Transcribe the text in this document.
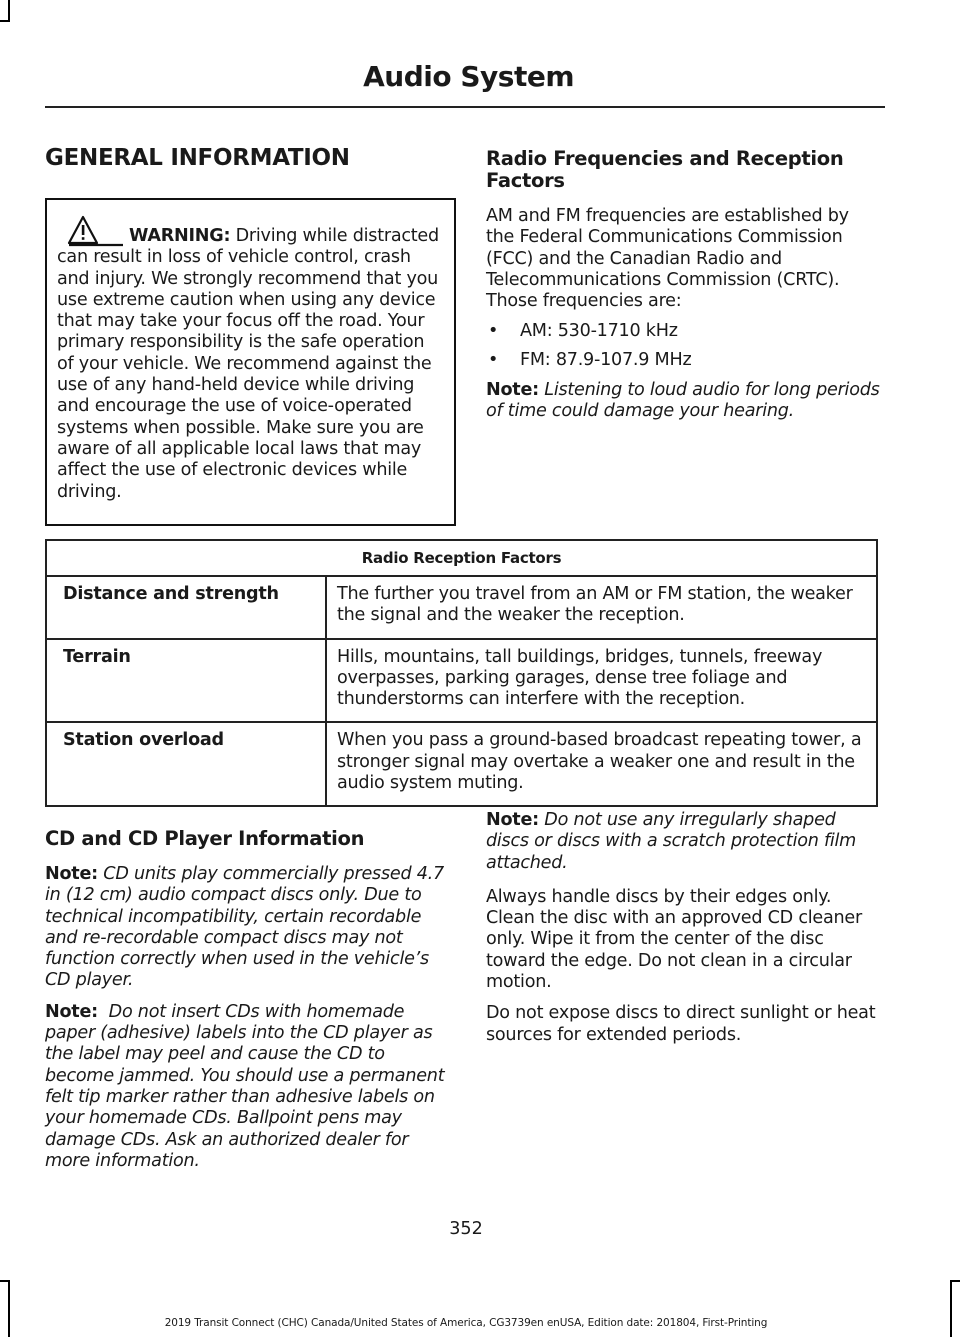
Audio System
GENERAL INFORMATION

WARNING: Driving while distracted can result in loss of vehicle control, crash and injury. We strongly recommend that you use extreme caution when using any device that may take your focus off the road. Your primary responsibility is the safe operation of your vehicle. We recommend against the use of any hand-held device while driving and encourage the use of voice-operated systems when possible. Make sure you are aware of all applicable local laws that may affect the use of electronic devices while driving.

Radio Frequencies and Reception Factors

AM and FM frequencies are established by the Federal Communications Commission (FCC) and the Canadian Radio and Telecommunications Commission (CRTC). Those frequencies are:

• AM: 530-1710 kHz
• FM: 87.9-107.9 MHz

Note: Listening to loud audio for long periods of time could damage your hearing.

Radio Reception Factors	
Distance and strength	The further you travel from an AM or FM station, the weaker the signal and the weaker the reception.
Terrain	Hills, mountains, tall buildings, bridges, tunnels, freeway overpasses, parking garages, dense tree foliage and thunderstorms can interfere with the reception.
Station overload	When you pass a ground-based broadcast repeating tower, a stronger signal may overtake a weaker one and result in the audio system muting.
CD and CD Player Information

Note: CD units play commercially pressed 4.7 in (12 cm) audio compact discs only. Due to technical incompatibility, certain recordable and re-recordable compact discs may not function correctly when used in the vehicle’s CD player.

Note: Do not insert CDs with homemade paper (adhesive) labels into the CD player as the label may peel and cause the CD to become jammed. You should use a permanent felt tip marker rather than adhesive labels on your homemade CDs. Ballpoint pens may damage CDs. Ask an authorized dealer for more information.

Note: Do not use any irregularly shaped discs or discs with a scratch protection film attached.

Always handle discs by their edges only. Clean the disc with an approved CD cleaner only. Wipe it from the center of the disc toward the edge. Do not clean in a circular motion.

Do not expose discs to direct sunlight or heat sources for extended periods.

352
2019 Transit Connect (CHC) Canada/United States of America, CG3739en enUSA, Edition date: 201804, First-Printing
